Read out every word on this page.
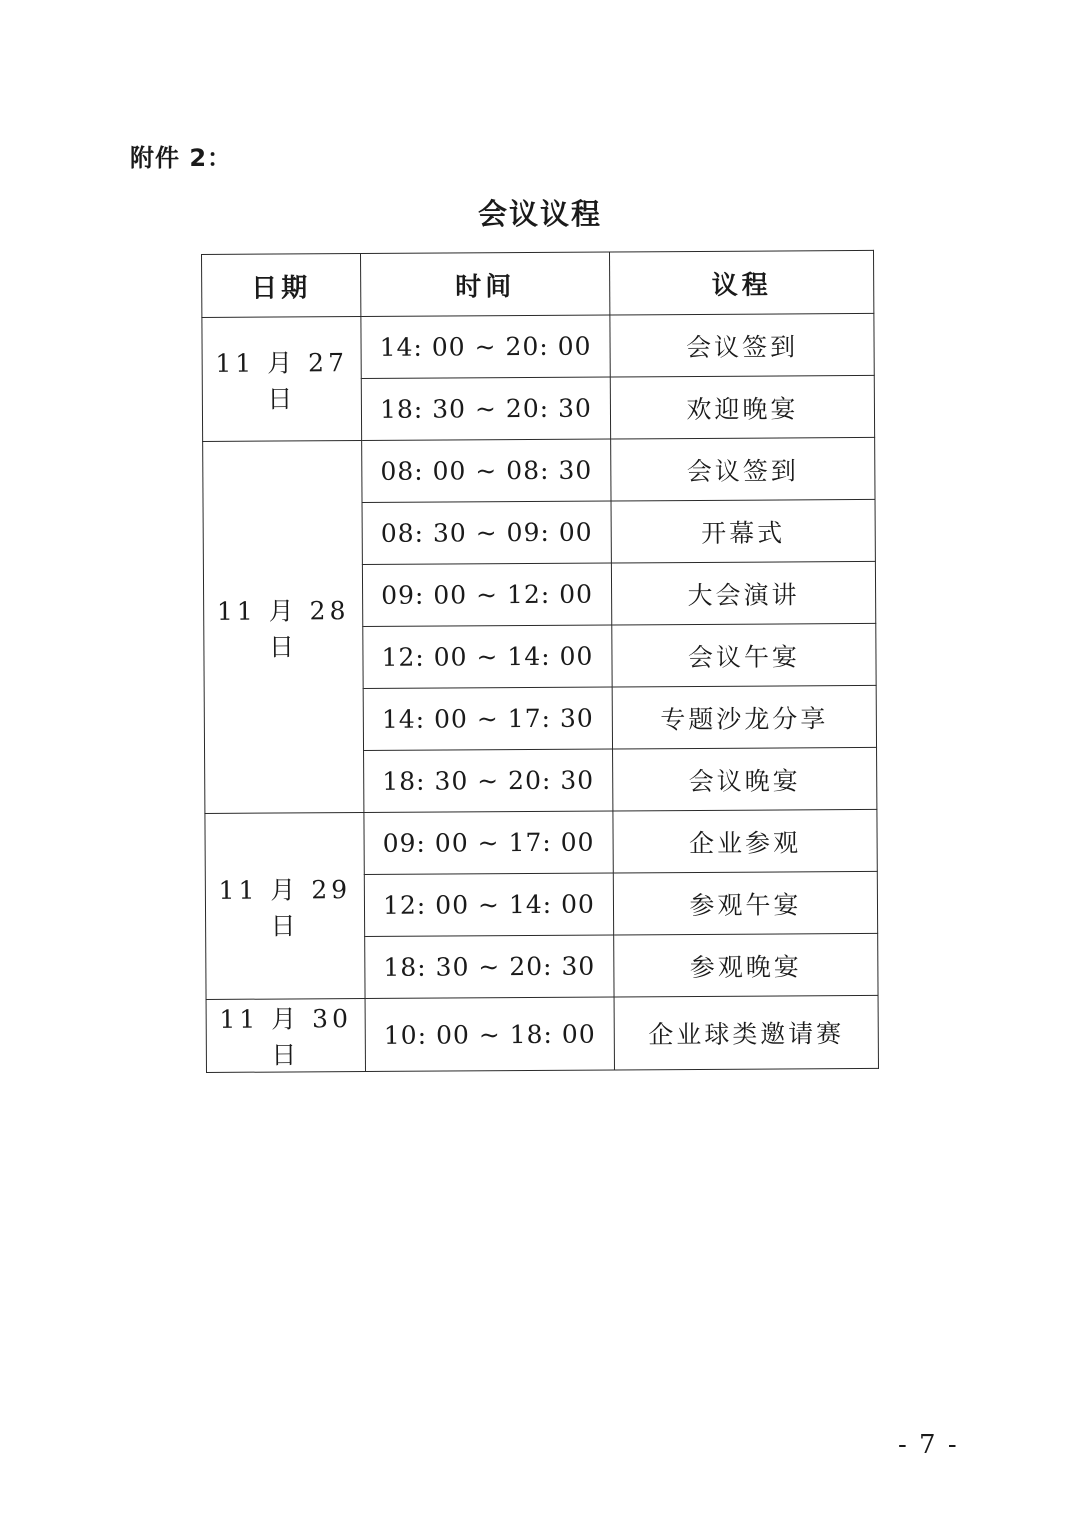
附件 2：
会议议程
日期	时间	议程
11 月 27 日	14: 00 ~ 20: 00	会议签到
	18: 30 ~ 20: 30	欢迎晚宴
11 月 28 日	08: 00 ~ 08: 30	会议签到
	08: 30 ~ 09: 00	开幕式
	09: 00 ~ 12: 00	大会演讲
	12: 00 ~ 14: 00	会议午宴
	14: 00 ~ 17: 30	专题沙龙分享
	18: 30 ~ 20: 30	会议晚宴
11 月 29 日	09: 00 ~ 17: 00	企业参观
	12: 00 ~ 14: 00	参观午宴
	18: 30 ~ 20: 30	参观晚宴
11 月 30 日	10: 00 ~ 18: 00	企业球类邀请赛
- 7 -
